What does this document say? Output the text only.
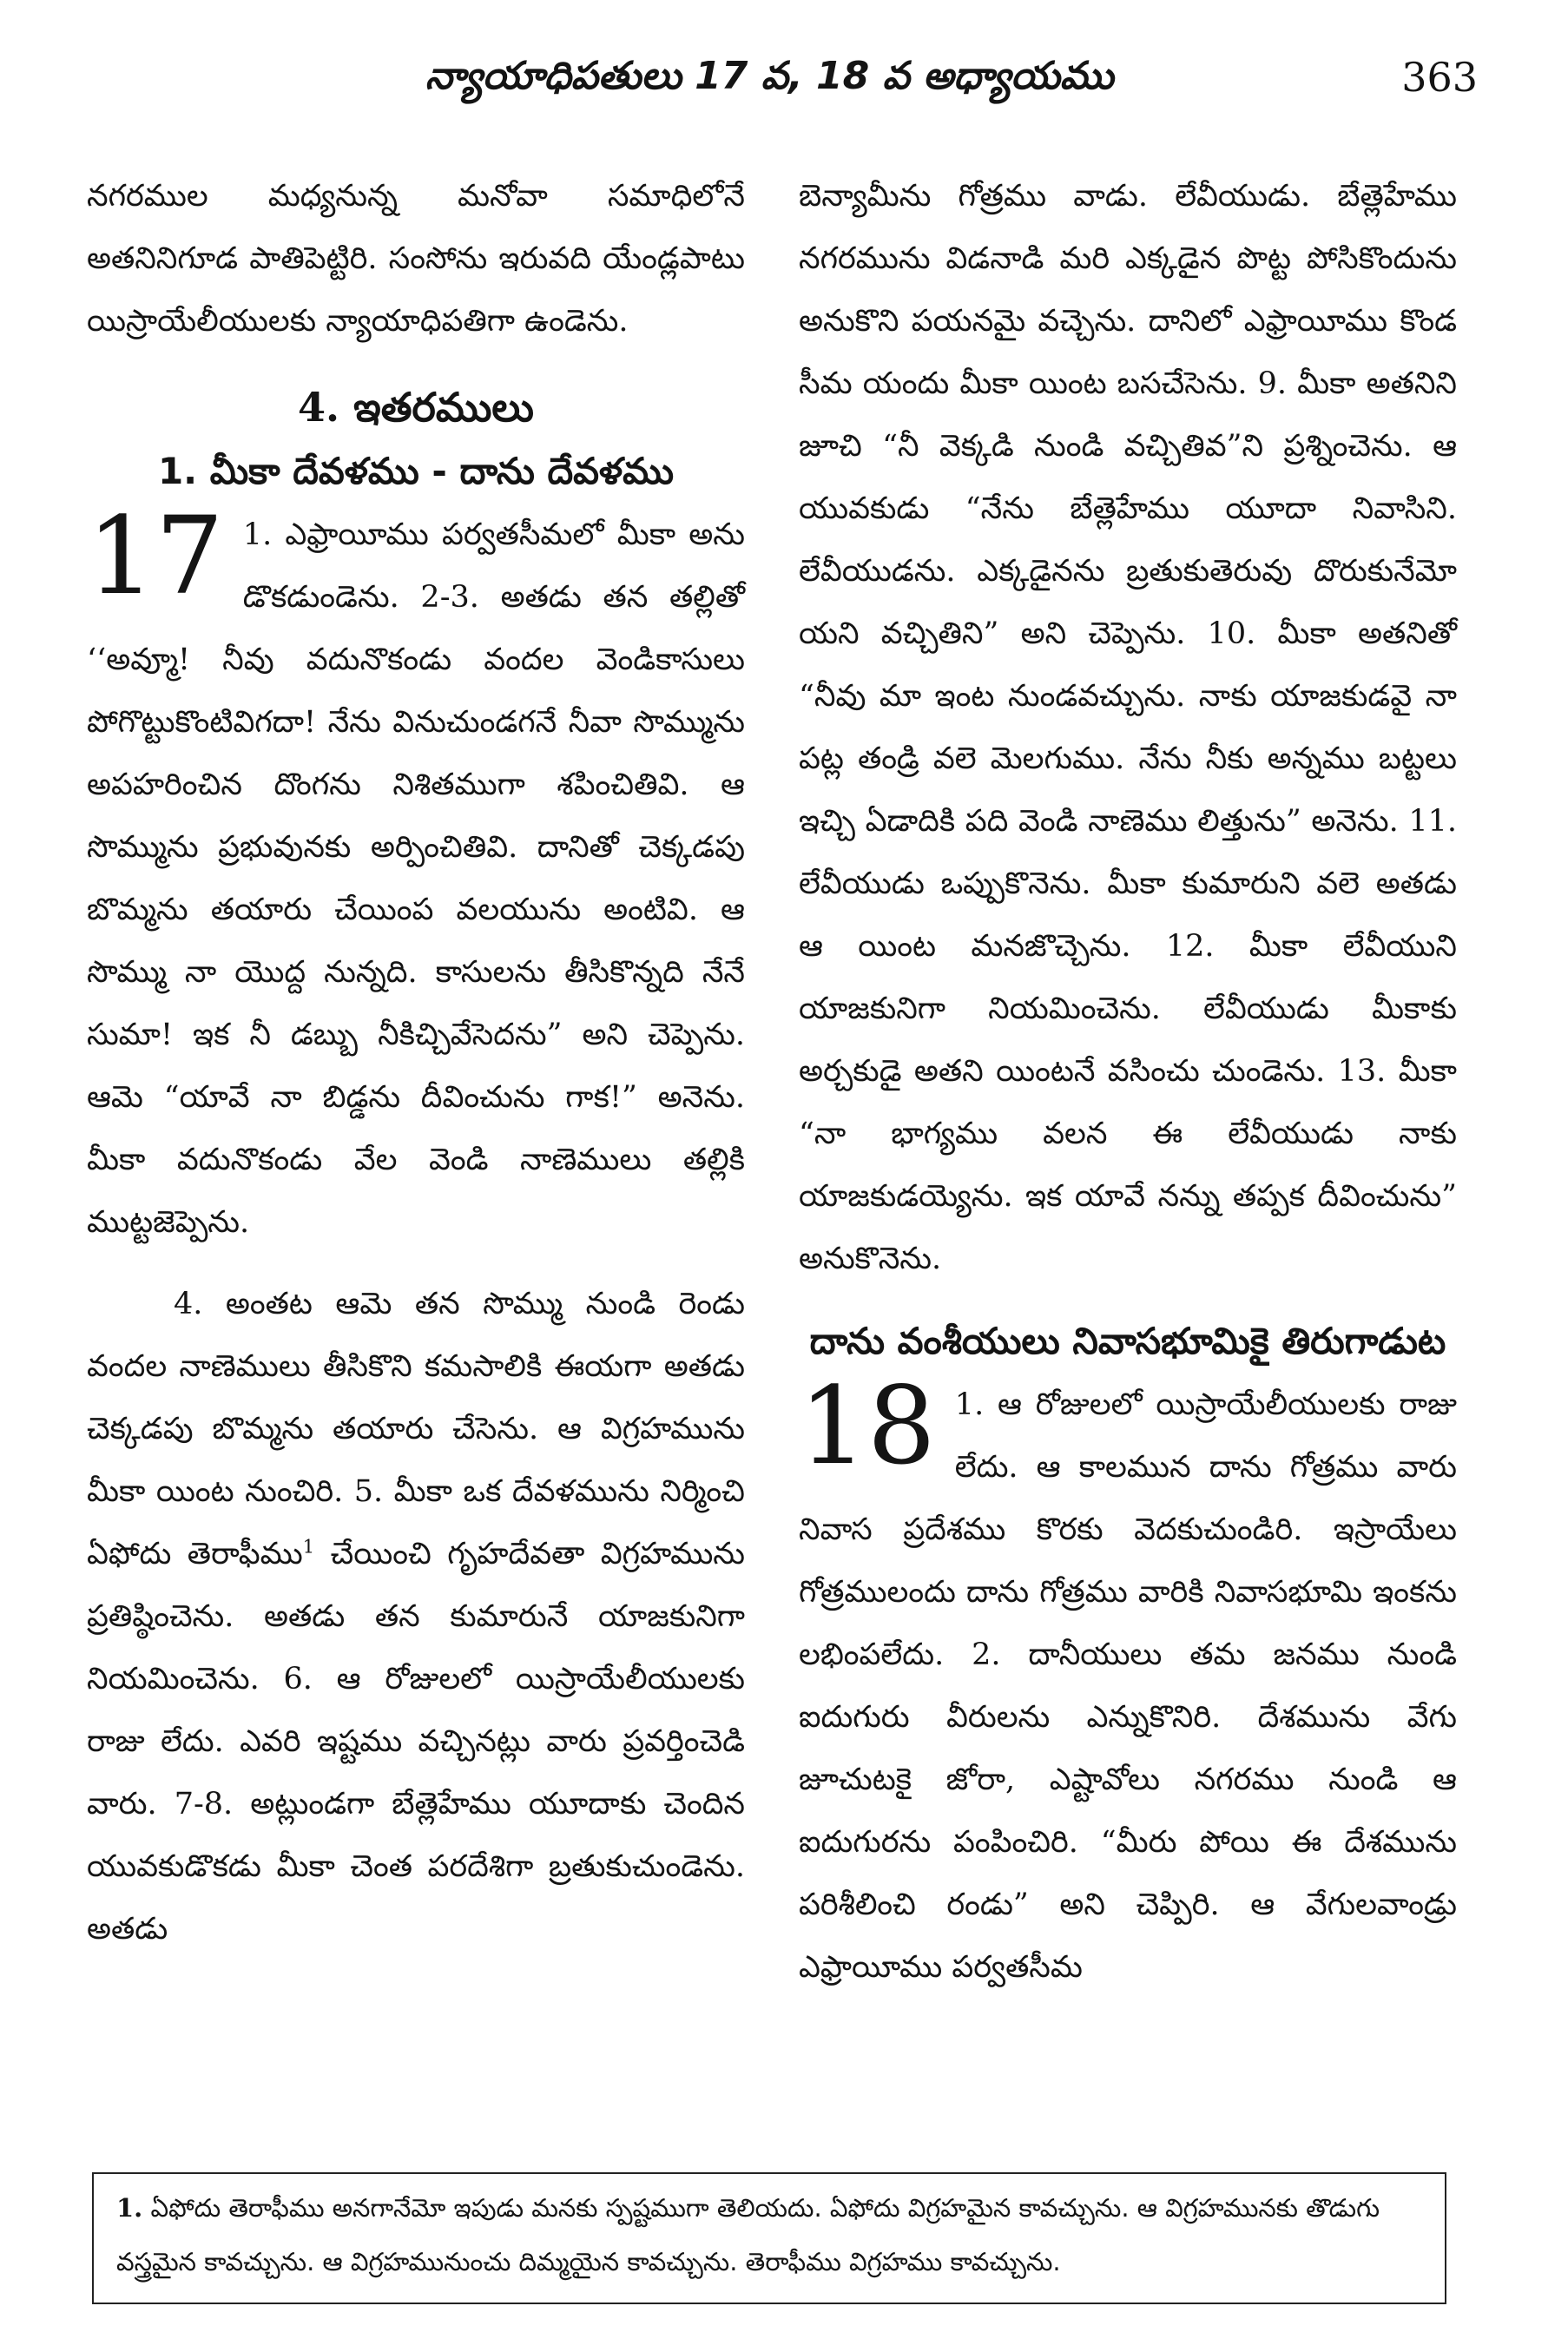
న్యాయాధిపతులు 17 వ, 18 వ అధ్యాయము	363

నగరముల మధ్యనున్న మనోవా సమాధిలోనే అతనినిగూడ పాతిపెట్టిరి. సంసోను ఇరువది యేండ్లపాటు యిస్రాయేలీయులకు న్యాయాధిపతిగా ఉండెను.

4. ఇతరములు
1. మీకా దేవళము - దాను దేవళము

17 1. ఎఫ్రాయీము పర్వతసీమలో మీకా అను డొకడుండెను. 2-3. అతడు తన తల్లితో ‘‘అవ్మూ! నీవు వదునొకండు వందల వెండికాసులు పోగొట్టుకొంటివిగదా! నేను వినుచుండగనే నీవా సొమ్మును అపహరించిన దొంగను నిశితముగా శపించితివి. ఆ సొమ్మును ప్రభువునకు అర్పించితివి. దానితో చెక్కడపు బొమ్మను తయారు చేయింప వలయును అంటివి. ఆ సొమ్ము నా యొద్ద నున్నది. కాసులను తీసికొన్నది నేనే సుమా! ఇక నీ డబ్బు నీకిచ్చివేసెదను” అని చెప్పెను. ఆమె “యావే నా బిడ్డను దీవించును గాక!” అనెను. మీకా వదునొకండు వేల వెండి నాణెములు తల్లికి ముట్టజెప్పెను.

4. అంతట ఆమె తన సొమ్ము నుండి రెండు వందల నాణెములు తీసికొని కమసాలికి ఈయగా అతడు చెక్కడపు బొమ్మను తయారు చేసెను. ఆ విగ్రహమును మీకా యింట నుంచిరి. 5. మీకా ఒక దేవళమును నిర్మించి ఏఫోదు తెరాఫీము$^1$ చేయించి గృహదేవతా విగ్రహమును ప్రతిష్ఠించెను. అతడు తన కుమారునే యాజకునిగా నియమించెను. 6. ఆ రోజులలో యిస్రాయేలీయులకు రాజు లేదు. ఎవరి ఇష్టము వచ్చినట్లు వారు ప్రవర్తించెడి వారు. 7-8. అట్లుండగా బేత్లెహేము యూదాకు చెందిన యువకుడొకడు మీకా చెంత పరదేశిగా బ్రతుకుచుండెను. అతడు

బెన్యామీను గోత్రము వాడు. లేవీయుడు. బేత్లెహేము నగరమును విడనాడి మరి ఎక్కడైన పొట్ట పోసికొందును అనుకొని పయనమై వచ్చెను. దానిలో ఎఫ్రాయీము కొండ సీమ యందు మీకా యింట బసచేసెను. 9. మీకా అతనిని జూచి “నీ వెక్కడి నుండి వచ్చితివ”ని ప్రశ్నించెను. ఆ యువకుడు “నేను బేత్లెహేము యూదా నివాసిని. లేవీయుడను. ఎక్కడైనను బ్రతుకుతెరువు దొరుకునేమో యని వచ్చితిని” అని చెప్పెను. 10. మీకా అతనితో “నీవు మా ఇంట నుండవచ్చును. నాకు యాజకుడవై నా పట్ల తండ్రి వలె మెలగుము. నేను నీకు అన్నము బట్టలు ఇచ్చి ఏడాదికి పది వెండి నాణెము లిత్తును” అనెను. 11. లేవీయుడు ఒప్పుకొనెను. మీకా కుమారుని వలె అతడు ఆ యింట మనజొచ్చెను. 12. మీకా లేవీయుని యాజకునిగా నియమించెను. లేవీయుడు మీకాకు అర్చకుడై అతని యింటనే వసించు చుండెను. 13. మీకా “నా భాగ్యము వలన ఈ లేవీయుడు నాకు యాజకుడయ్యెను. ఇక యావే నన్ను తప్పక దీవించును” అనుకొనెను.

దాను వంశీయులు నివాసభూమికై తిరుగాడుట

18 1. ఆ రోజులలో యిస్రాయేలీయులకు రాజు లేదు. ఆ కాలమున దాను గోత్రము వారు నివాస ప్రదేశము కొరకు వెదకుచుండిరి. ఇస్రాయేలు గోత్రములందు దాను గోత్రము వారికి నివాసభూమి ఇంకను లభింపలేదు. 2. దానీయులు తమ జనము నుండి ఐదుగురు వీరులను ఎన్నుకొనిరి. దేశమును వేగు జూచుటకై జోరా, ఎష్టావోలు నగరము నుండి ఆ ఐదుగురను పంపించిరి. “మీరు పోయి ఈ దేశమును పరిశీలించి రండు” అని చెప్పిరి. ఆ వేగులవాండ్రు ఎఫ్రాయీము పర్వతసీమ

1. ఏఫోదు తెరాఫీము అనగానేమో ఇపుడు మనకు స్పష్టముగా తెలియదు. ఏఫోదు విగ్రహమైన కావచ్చును. ఆ విగ్రహమునకు తొడుగు వస్త్రమైన కావచ్చును. ఆ విగ్రహమునుంచు దిమ్మయైన కావచ్చును. తెరాఫీము విగ్రహము కావచ్చును.
